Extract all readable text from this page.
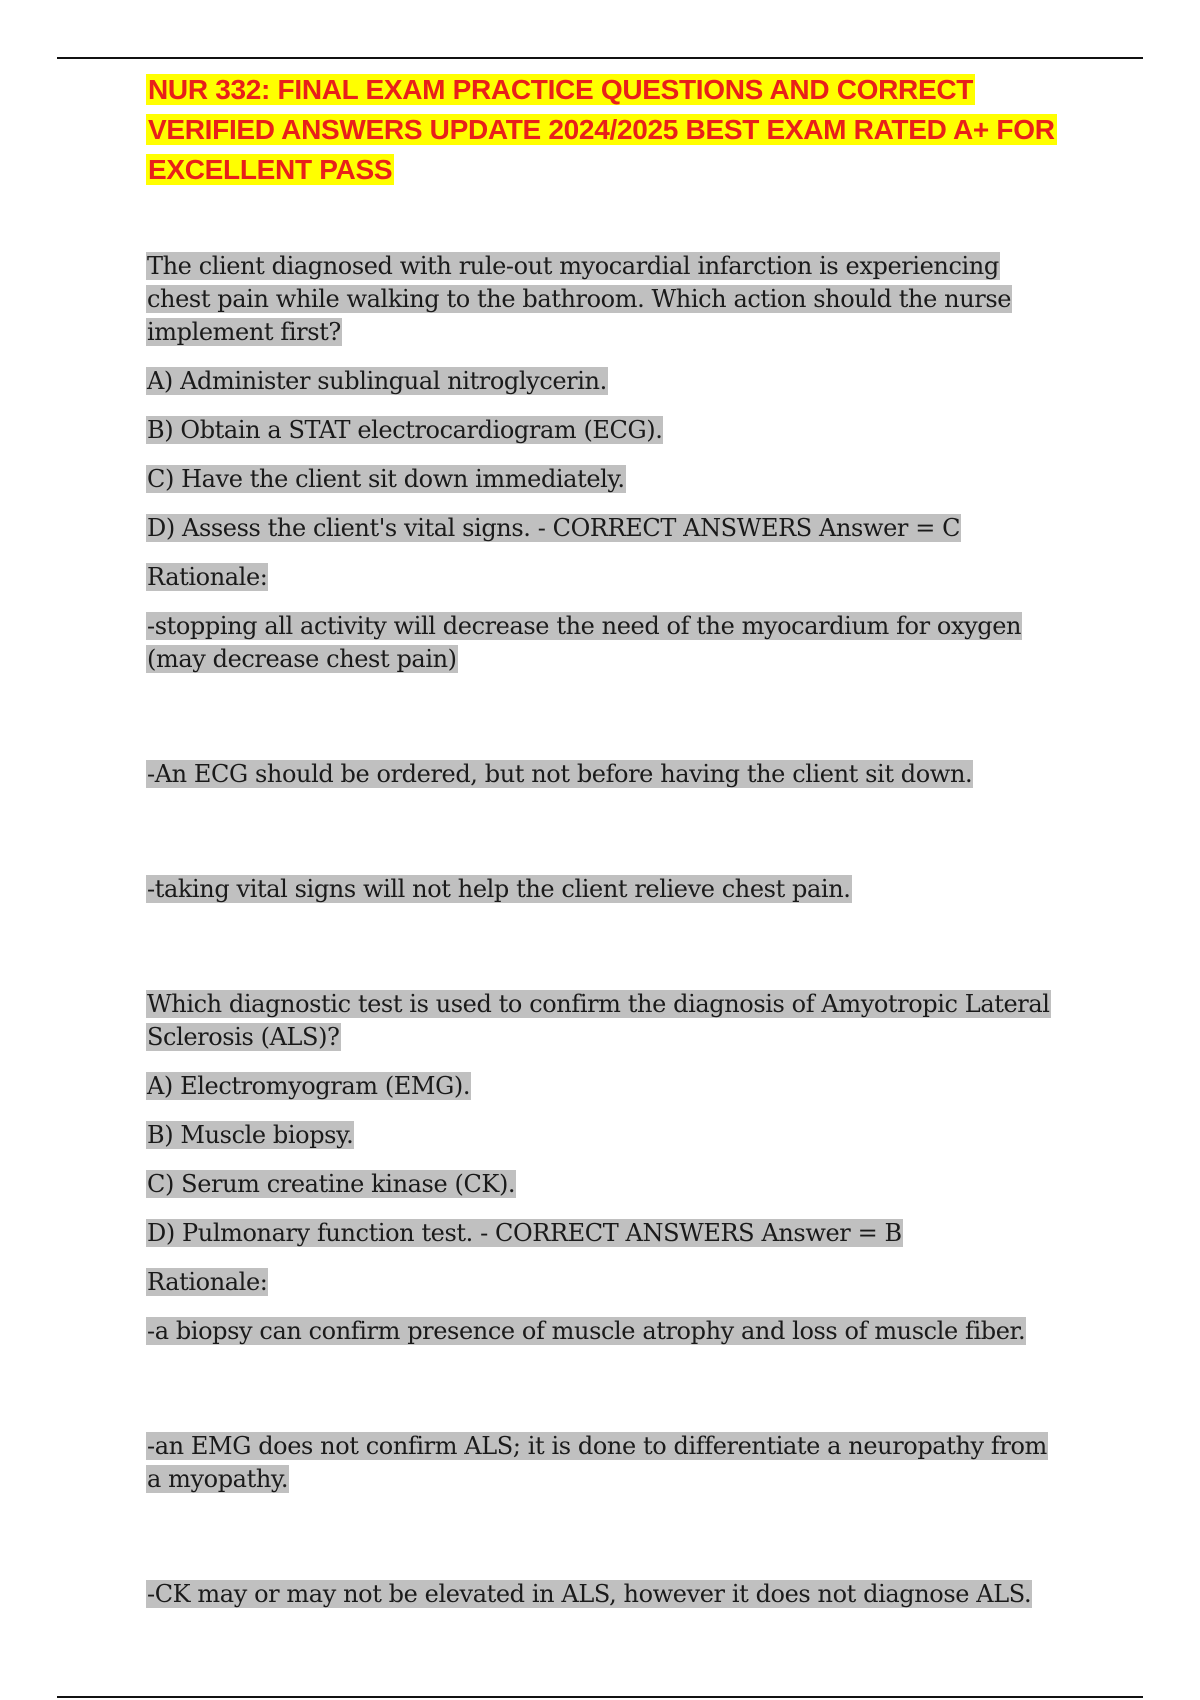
NUR 332: FINAL EXAM PRACTICE QUESTIONS AND CORRECT VERIFIED ANSWERS UPDATE 2024/2025 BEST EXAM RATED A+ FOR EXCELLENT PASS

The client diagnosed with rule-out myocardial infarction is experiencing chest pain while walking to the bathroom. Which action should the nurse implement first?

A) Administer sublingual nitroglycerin.

B) Obtain a STAT electrocardiogram (ECG).

C) Have the client sit down immediately.

D) Assess the client's vital signs. - CORRECT ANSWERS Answer = C

Rationale:

-stopping all activity will decrease the need of the myocardium for oxygen (may decrease chest pain)

-An ECG should be ordered, but not before having the client sit down.

-taking vital signs will not help the client relieve chest pain.

Which diagnostic test is used to confirm the diagnosis of Amyotropic Lateral Sclerosis (ALS)?

A) Electromyogram (EMG).

B) Muscle biopsy.

C) Serum creatine kinase (CK).

D) Pulmonary function test. - CORRECT ANSWERS Answer = B

Rationale:

-a biopsy can confirm presence of muscle atrophy and loss of muscle fiber.

-an EMG does not confirm ALS; it is done to differentiate a neuropathy from a myopathy.

-CK may or may not be elevated in ALS, however it does not diagnose ALS.
